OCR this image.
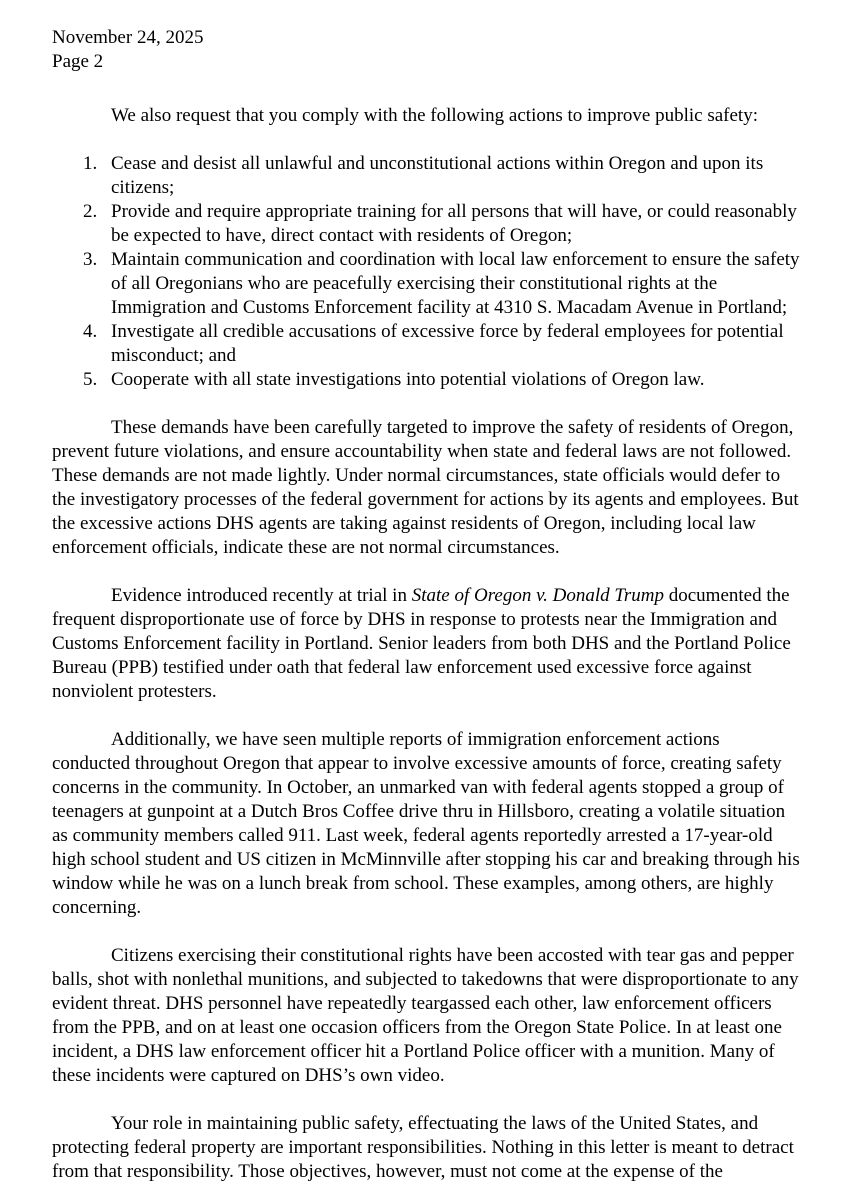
November 24, 2025
Page 2

We also request that you comply with the following actions to improve public safety:

Cease and desist all unlawful and unconstitutional actions within Oregon and upon its citizens;
Provide and require appropriate training for all persons that will have, or could reasonably be expected to have, direct contact with residents of Oregon;
Maintain communication and coordination with local law enforcement to ensure the safety of all Oregonians who are peacefully exercising their constitutional rights at the Immigration and Customs Enforcement facility at 4310 S. Macadam Avenue in Portland;
Investigate all credible accusations of excessive force by federal employees for potential misconduct; and
Cooperate with all state investigations into potential violations of Oregon law.

These demands have been carefully targeted to improve the safety of residents of Oregon, prevent future violations, and ensure accountability when state and federal laws are not followed. These demands are not made lightly. Under normal circumstances, state officials would defer to the investigatory processes of the federal government for actions by its agents and employees. But the excessive actions DHS agents are taking against residents of Oregon, including local law enforcement officials, indicate these are not normal circumstances.

Evidence introduced recently at trial in State of Oregon v. Donald Trump documented the frequent disproportionate use of force by DHS in response to protests near the Immigration and Customs Enforcement facility in Portland. Senior leaders from both DHS and the Portland Police Bureau (PPB) testified under oath that federal law enforcement used excessive force against nonviolent protesters.

Additionally, we have seen multiple reports of immigration enforcement actions conducted throughout Oregon that appear to involve excessive amounts of force, creating safety concerns in the community. In October, an unmarked van with federal agents stopped a group of teenagers at gunpoint at a Dutch Bros Coffee drive thru in Hillsboro, creating a volatile situation as community members called 911. Last week, federal agents reportedly arrested a 17-year-old high school student and US citizen in McMinnville after stopping his car and breaking through his window while he was on a lunch break from school. These examples, among others, are highly concerning.

Citizens exercising their constitutional rights have been accosted with tear gas and pepper balls, shot with nonlethal munitions, and subjected to takedowns that were disproportionate to any evident threat. DHS personnel have repeatedly teargassed each other, law enforcement officers from the PPB, and on at least one occasion officers from the Oregon State Police. In at least one incident, a DHS law enforcement officer hit a Portland Police officer with a munition. Many of these incidents were captured on DHS’s own video.

Your role in maintaining public safety, effectuating the laws of the United States, and protecting federal property are important responsibilities. Nothing in this letter is meant to detract from that responsibility. Those objectives, however, must not come at the expense of the
